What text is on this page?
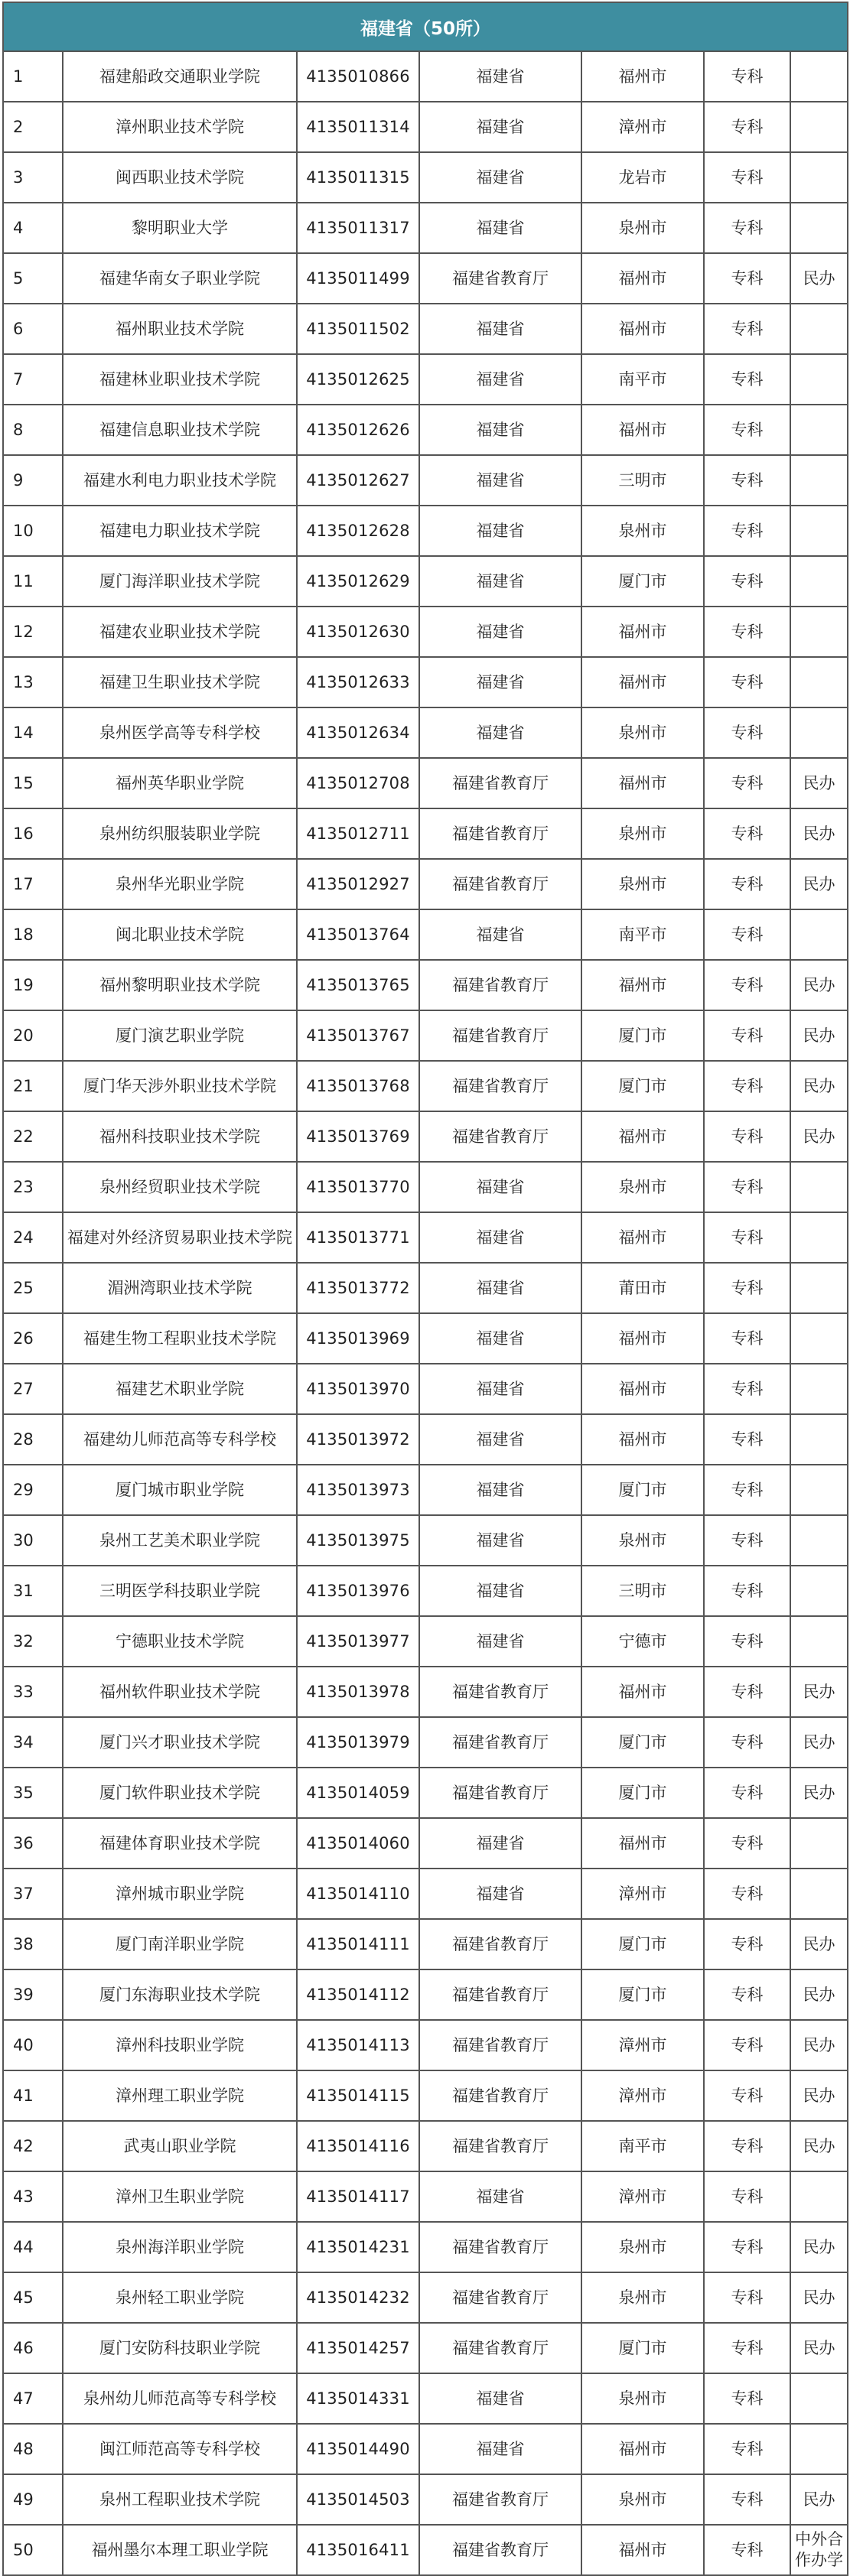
福建省（50所）						
1	福建船政交通职业学院	4135010866	福建省	福州市	专科	
2	漳州职业技术学院	4135011314	福建省	漳州市	专科	
3	闽西职业技术学院	4135011315	福建省	龙岩市	专科	
4	黎明职业大学	4135011317	福建省	泉州市	专科	
5	福建华南女子职业学院	4135011499	福建省教育厅	福州市	专科	民办
6	福州职业技术学院	4135011502	福建省	福州市	专科	
7	福建林业职业技术学院	4135012625	福建省	南平市	专科	
8	福建信息职业技术学院	4135012626	福建省	福州市	专科	
9	福建水利电力职业技术学院	4135012627	福建省	三明市	专科	
10	福建电力职业技术学院	4135012628	福建省	泉州市	专科	
11	厦门海洋职业技术学院	4135012629	福建省	厦门市	专科	
12	福建农业职业技术学院	4135012630	福建省	福州市	专科	
13	福建卫生职业技术学院	4135012633	福建省	福州市	专科	
14	泉州医学高等专科学校	4135012634	福建省	泉州市	专科	
15	福州英华职业学院	4135012708	福建省教育厅	福州市	专科	民办
16	泉州纺织服装职业学院	4135012711	福建省教育厅	泉州市	专科	民办
17	泉州华光职业学院	4135012927	福建省教育厅	泉州市	专科	民办
18	闽北职业技术学院	4135013764	福建省	南平市	专科	
19	福州黎明职业技术学院	4135013765	福建省教育厅	福州市	专科	民办
20	厦门演艺职业学院	4135013767	福建省教育厅	厦门市	专科	民办
21	厦门华天涉外职业技术学院	4135013768	福建省教育厅	厦门市	专科	民办
22	福州科技职业技术学院	4135013769	福建省教育厅	福州市	专科	民办
23	泉州经贸职业技术学院	4135013770	福建省	泉州市	专科	
24	福建对外经济贸易职业技术学院	4135013771	福建省	福州市	专科	
25	湄洲湾职业技术学院	4135013772	福建省	莆田市	专科	
26	福建生物工程职业技术学院	4135013969	福建省	福州市	专科	
27	福建艺术职业学院	4135013970	福建省	福州市	专科	
28	福建幼儿师范高等专科学校	4135013972	福建省	福州市	专科	
29	厦门城市职业学院	4135013973	福建省	厦门市	专科	
30	泉州工艺美术职业学院	4135013975	福建省	泉州市	专科	
31	三明医学科技职业学院	4135013976	福建省	三明市	专科	
32	宁德职业技术学院	4135013977	福建省	宁德市	专科	
33	福州软件职业技术学院	4135013978	福建省教育厅	福州市	专科	民办
34	厦门兴才职业技术学院	4135013979	福建省教育厅	厦门市	专科	民办
35	厦门软件职业技术学院	4135014059	福建省教育厅	厦门市	专科	民办
36	福建体育职业技术学院	4135014060	福建省	福州市	专科	
37	漳州城市职业学院	4135014110	福建省	漳州市	专科	
38	厦门南洋职业学院	4135014111	福建省教育厅	厦门市	专科	民办
39	厦门东海职业技术学院	4135014112	福建省教育厅	厦门市	专科	民办
40	漳州科技职业学院	4135014113	福建省教育厅	漳州市	专科	民办
41	漳州理工职业学院	4135014115	福建省教育厅	漳州市	专科	民办
42	武夷山职业学院	4135014116	福建省教育厅	南平市	专科	民办
43	漳州卫生职业学院	4135014117	福建省	漳州市	专科	
44	泉州海洋职业学院	4135014231	福建省教育厅	泉州市	专科	民办
45	泉州轻工职业学院	4135014232	福建省教育厅	泉州市	专科	民办
46	厦门安防科技职业学院	4135014257	福建省教育厅	厦门市	专科	民办
47	泉州幼儿师范高等专科学校	4135014331	福建省	泉州市	专科	
48	闽江师范高等专科学校	4135014490	福建省	福州市	专科	
49	泉州工程职业技术学院	4135014503	福建省教育厅	泉州市	专科	民办
50	福州墨尔本理工职业学院	4135016411	福建省教育厅	福州市	专科	中外合作办学
